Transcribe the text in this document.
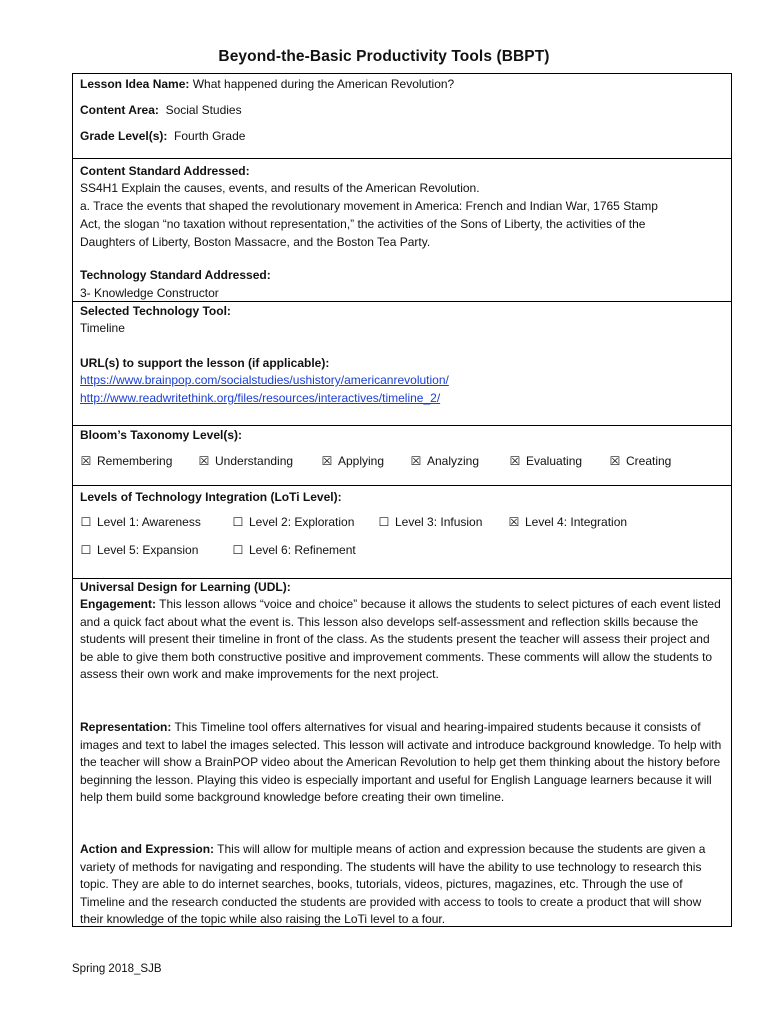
Beyond-the-Basic Productivity Tools (BBPT)
Lesson Idea Name: What happened during the American Revolution?
Content Area: Social Studies
Grade Level(s): Fourth Grade
Content Standard Addressed:
SS4H1 Explain the causes, events, and results of the American Revolution.
a. Trace the events that shaped the revolutionary movement in America: French and Indian War, 1765 Stamp
Act, the slogan “no taxation without representation,” the activities of the Sons of Liberty, the activities of the
Daughters of Liberty, Boston Massacre, and the Boston Tea Party.
Technology Standard Addressed:
3- Knowledge Constructor
Selected Technology Tool:
Timeline
URL(s) to support the lesson (if applicable):
https://www.brainpop.com/socialstudies/ushistory/americanrevolution/
http://www.readwritethink.org/files/resources/interactives/timeline_2/
Bloom’s Taxonomy Level(s):
☒ Remembering ☒ Understanding ☒ Applying ☒ Analyzing	☒ Evaluating ☒ Creating
Levels of Technology Integration (LoTi Level):
☐ Level 1: Awareness	☐ Level 2: Exploration ☐ Level 3: Infusion ☒ Level 4: Integration
☐ Level 5: Expansion	☐ Level 6: Refinement
Universal Design for Learning (UDL):
Engagement: This lesson allows “voice and choice” because it allows the students to select pictures of each event listed and a quick fact about what the event is. This lesson also develops self-assessment and reflection skills because the students will present their timeline in front of the class. As the students present the teacher will assess their project and be able to give them both constructive positive and improvement comments. These comments will allow the students to assess their own work and make improvements for the next project.
Representation: This Timeline tool offers alternatives for visual and hearing-impaired students because it consists of images and text to label the images selected. This lesson will activate and introduce background knowledge. To help with the teacher will show a BrainPOP video about the American Revolution to help get them thinking about the history before beginning the lesson. Playing this video is especially important and useful for English Language learners because it will help them build some background knowledge before creating their own timeline.
Action and Expression: This will allow for multiple means of action and expression because the students are given a variety of methods for navigating and responding. The students will have the ability to use technology to research this topic. They are able to do internet searches, books, tutorials, videos, pictures, magazines, etc. Through the use of Timeline and the research conducted the students are provided with access to tools to create a product that will show their knowledge of the topic while also raising the LoTi level to a four.
Spring 2018_SJB
